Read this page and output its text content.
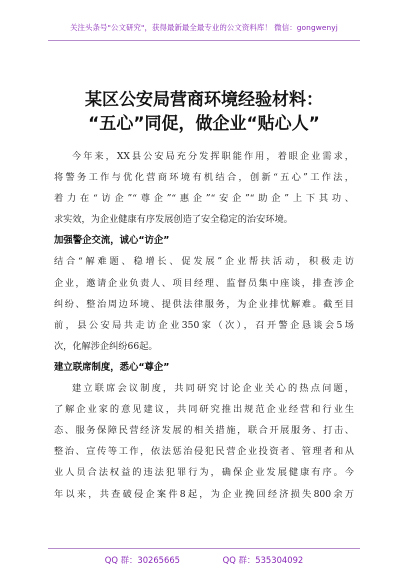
关注头条号"公文研究"，获得最新最全最专业的公文资料库！ 微信：gongwenyj
某区公安局营商环境经验材料：
“五心”同促，做企业“贴心人”
今年来，XX县公安局充分发挥职能作用，着眼企业需求，
将警务工作与优化营商环境有机结合，创新“五心”工作法，
着力在“访企”“尊企”“惠企”“安企”“助企”上下其功、
求实效，为企业健康有序发展创造了安全稳定的治安环境。
加强警企交流，诚心“访企”
结合“解难题、稳增长、促发展”企业帮扶活动，积极走访
企业，邀请企业负责人、项目经理、监督员集中座谈，排查涉企
纠纷、整治周边环境、提供法律服务，为企业排忧解难。截至目
前，县公安局共走访企业350家（次），召开警企恳谈会5场
次，化解涉企纠纷66起。
建立联席制度，悉心“尊企”
建立联席会议制度，共同研究讨论企业关心的热点问题，
了解企业家的意见建议，共同研究推出规范企业经营和行业生
态、服务保障民营经济发展的相关措施，联合开展服务、打击、
整治、宣传等工作，依法惩治侵犯民营企业投资者、管理者和从
业人员合法权益的违法犯罪行为，确保企业发展健康有序。今
年以来，共查破侵企案件8起，为企业挽回经济损失800余万
QQ 群：30265665	QQ 群：535304092
